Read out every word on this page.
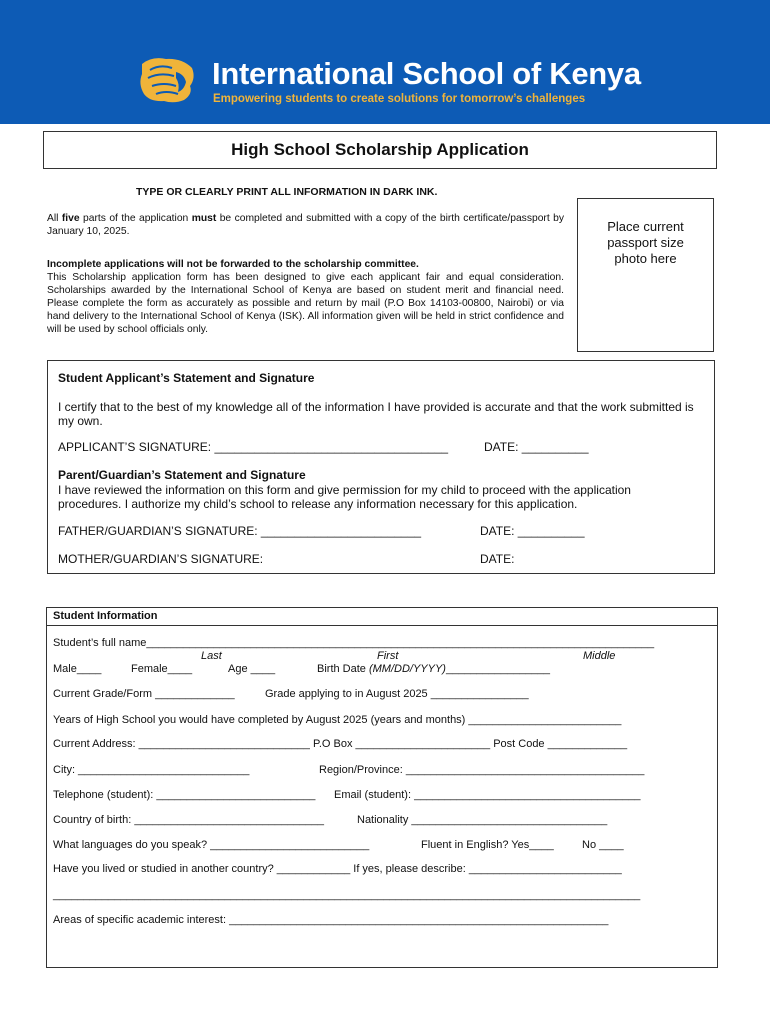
International School of Kenya
Empowering students to create solutions for tomorrow’s challenges
High School Scholarship Application
TYPE OR CLEARLY PRINT ALL INFORMATION IN DARK INK.

All five parts of the application must be completed and submitted with a copy of the birth certificate/passport by January 10, 2025.

Incomplete applications will not be forwarded to the scholarship committee.
This Scholarship application form has been designed to give each applicant fair and equal consideration. Scholarships awarded by the International School of Kenya are based on student merit and financial need. Please complete the form as accurately as possible and return by mail (P.O Box 14103-00800, Nairobi) or via hand delivery to the International School of Kenya (ISK). All information given will be held in strict confidence and will be used by school officials only.
Place current passport size photo here
Student Applicant’s Statement and Signature
I certify that to the best of my knowledge all of the information I have provided is accurate and that the work submitted is my own.
APPLICANT’S SIGNATURE: ___________________________________	DATE: __________
Parent/Guardian’s Statement and Signature
I have reviewed the information on this form and give permission for my child to proceed with the application
procedures. I authorize my child’s school to release any information necessary for this application.
FATHER/GUARDIAN’S SIGNATURE: ________________________	DATE: __________
MOTHER/GUARDIAN’S SIGNATURE:	DATE:
Student Information
Student’s full name___________________________________________________________________________________
Last	First	Middle
Male____	Female____	Age ____	Birth Date (MM/DD/YYYY)_________________
Current Grade/Form _____________	Grade applying to in August 2025 ________________
Years of High School you would have completed by August 2025 (years and months) _________________________
Current Address: ____________________________ P.O Box ______________________ Post Code _____________
City: ____________________________	Region/Province: _______________________________________
Telephone (student): __________________________ Email (student): _____________________________________
Country of birth: _______________________________	Nationality ________________________________
What languages do you speak? __________________________	Fluent in English? Yes____	No ____
Have you lived or studied in another country? ____________ If yes, please describe: _________________________
________________________________________________________________________________________________
Areas of specific academic interest: ______________________________________________________________
